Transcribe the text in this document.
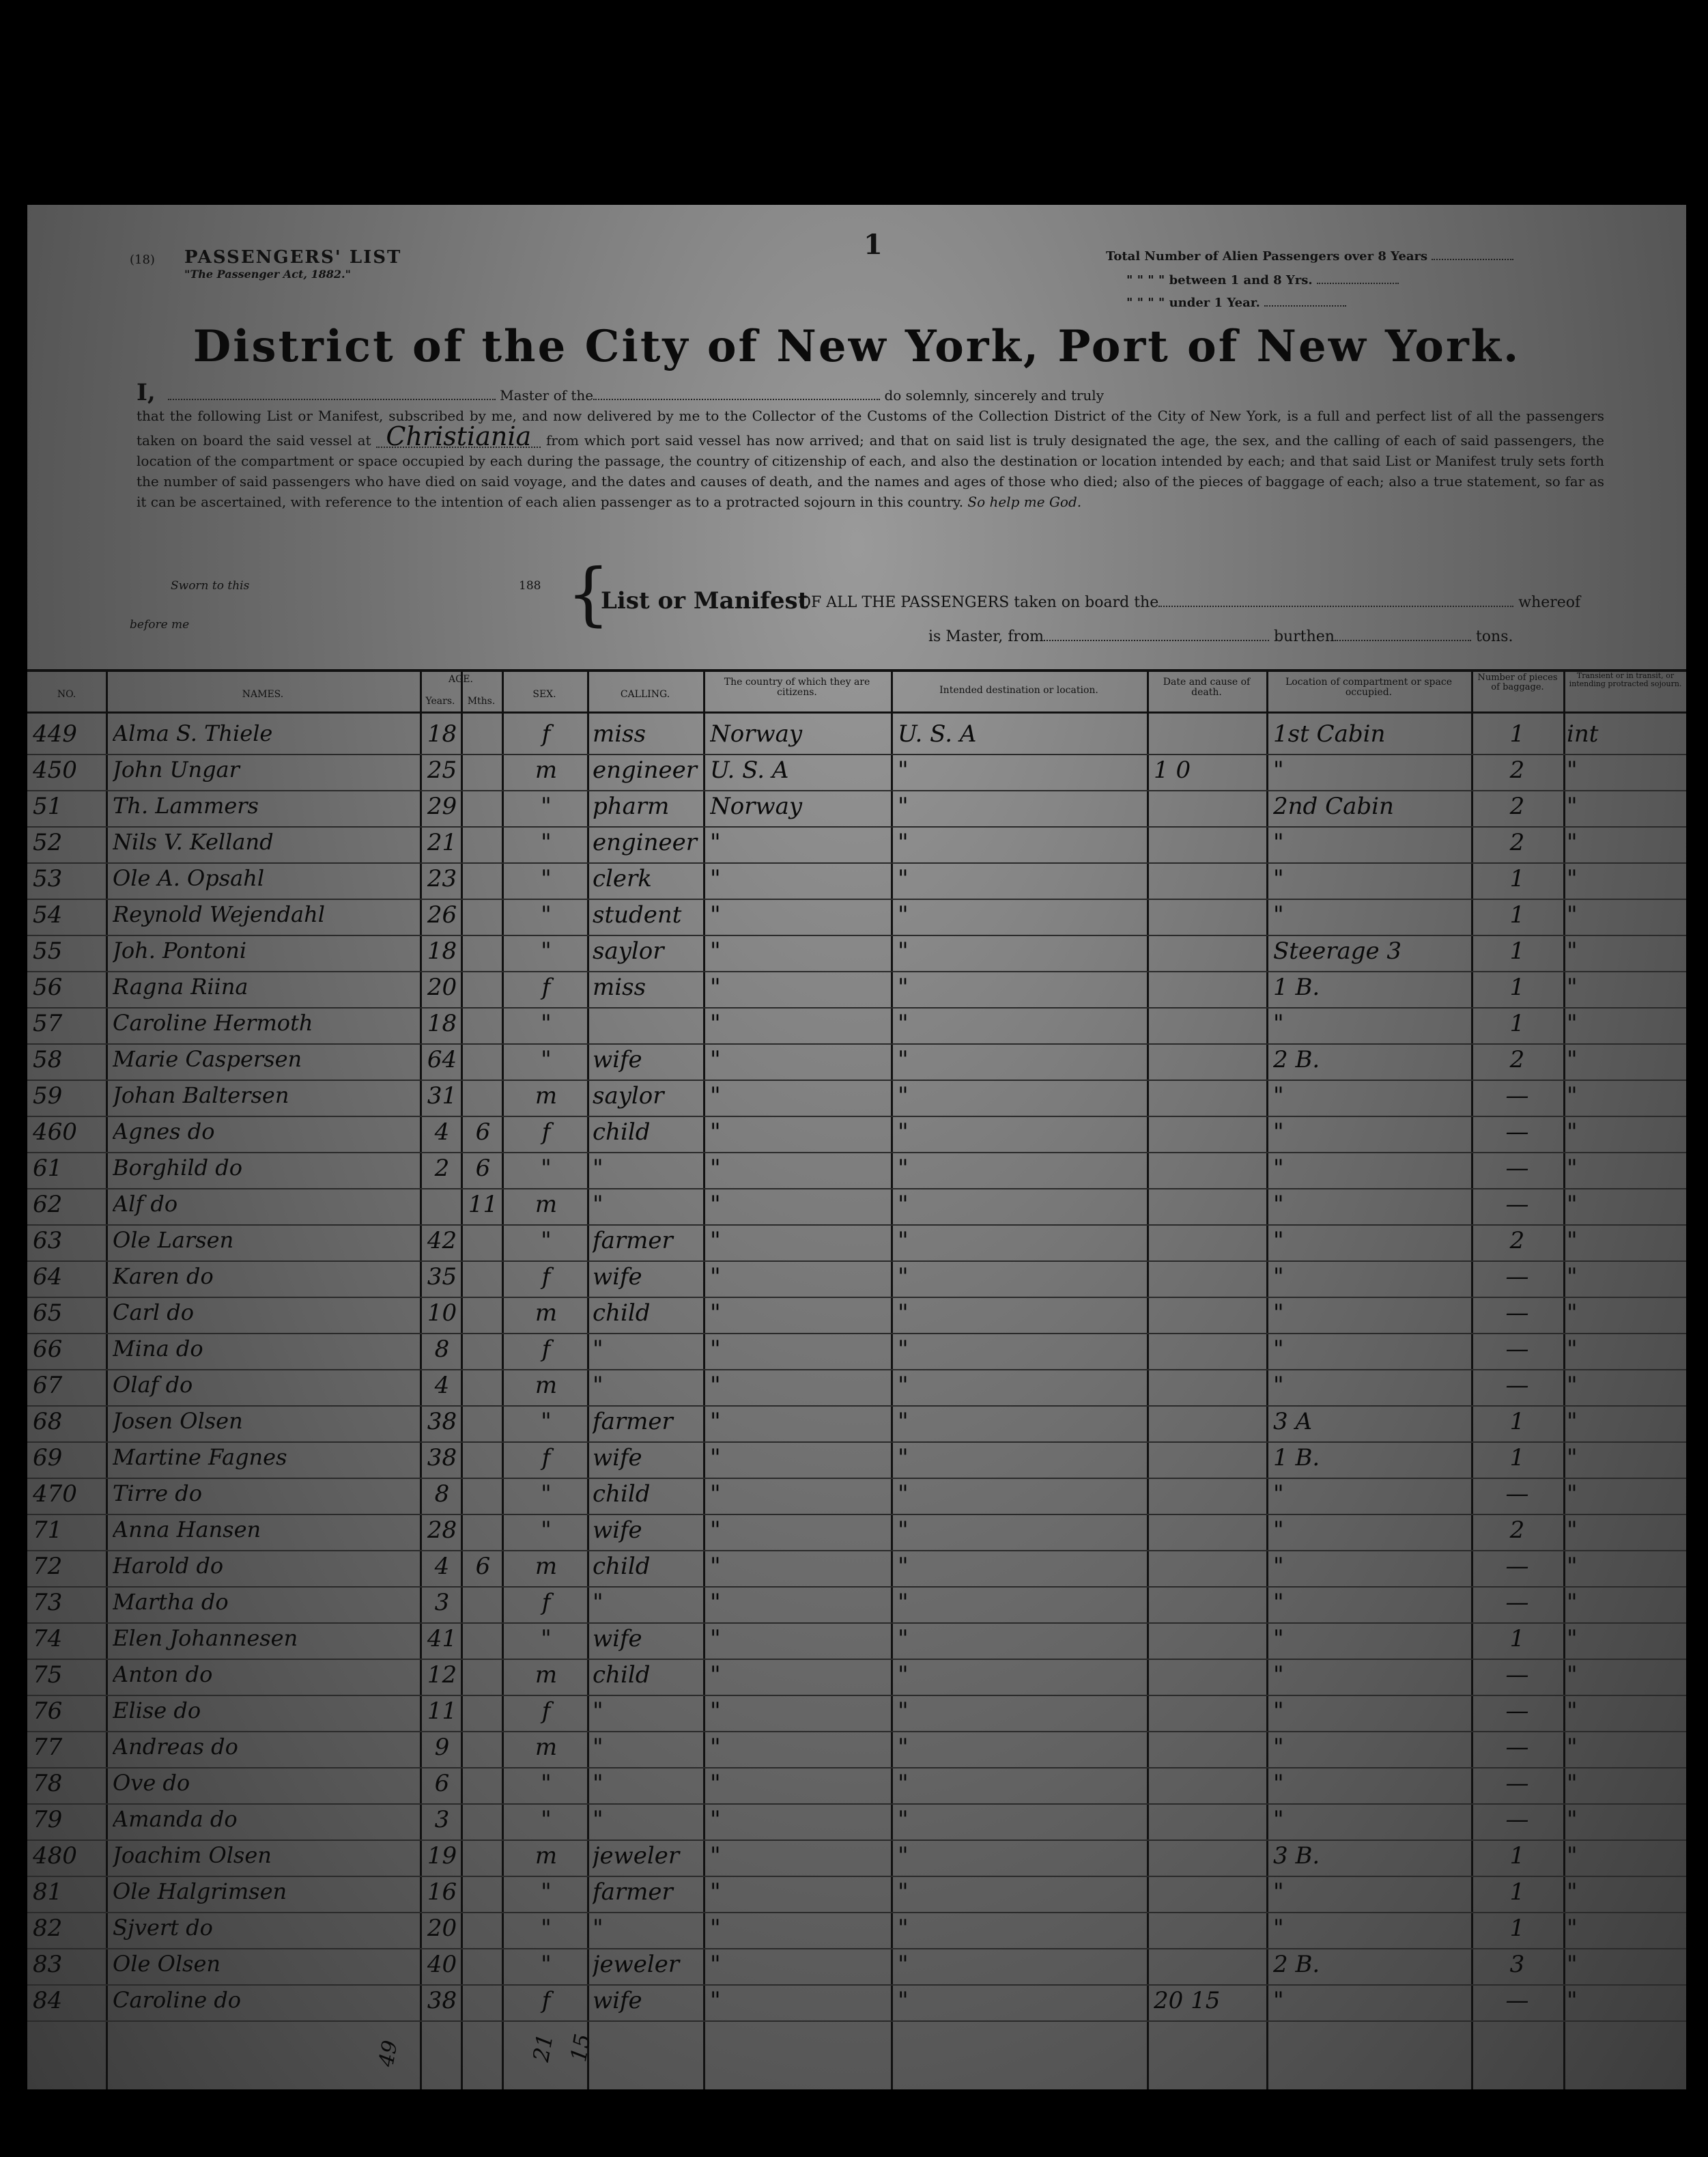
(18) PASSENGERS' LIST
"The Passenger Act, 1882."
1	Total Number of Alien Passengers over 8 Years
" " " " between 1 and 8 Yrs.
" " " " under 1 Year.
District of the City of New York, Port of New York.
I,	Master of the	do solemnly, sincerely and truly
that the following List or Manifest, subscribed by me, and now delivered by me to the Collector of the Customs of the Collection District of the City of New York, is a full and perfect list of all the passengers taken on board the said vessel at Christiania from which port said vessel has now arrived; and that on said list is truly designated the age, the sex, and the calling of each of said passengers, the location of the compartment or space occupied by each during the passage, the country of citizenship of each, and also the destination or location intended by each; and that said List or Manifest truly sets forth the number of said passengers who have died on said voyage, and the dates and causes of death, and the names and ages of those who died; also of the pieces of baggage of each; also a true statement, so far as it can be ascertained, with reference to the intention of each alien passenger as to a protracted sojourn in this country. So help me God.
Sworn to this	188
before me	{
List or Manifest
OF ALL THE PASSENGERS taken on board the	whereof
is Master, from	burthen	tons.
NO.	NAMES.
AGE.
Years.	Mths.
SEX.	CALLING.
The country of which they are citizens.	Intended destination or location.
Date and cause of death.
Location of compartment or space occupied.
Number of pieces of baggage.
Transient or in transit, or intending protracted sojourn.
449	Alma S. Thiele	18	f	miss	Norway	U. S. A	1st Cabin	1	int
450	John Ungar	25	m	engineer U. S. A	"	1 0	"	2	"
51	Th. Lammers	29	"	pharm	Norway	"	2nd Cabin	2	"
52	Nils V. Kelland	21	"	engineer "	"	"	2	"
53	Ole A. Opsahl	23	"	clerk	"	"	"	1	"
54	Reynold Wejendahl	26	"	student	"	"	"	1	"
55	Joh. Pontoni	18	"	saylor	"	"	Steerage 3	1	"
56	Ragna Riina	20	f	miss	"	"	1 B.	1	"
57	Caroline Hermoth	18	"	"	"	"	1	"
58	Marie Caspersen	64	"	wife	"	"	2 B.	2	"
59	Johan Baltersen	31	m	saylor	"	"	"	—	"
460	Agnes do	4	6	f	child	"	"	"	—	"
61	Borghild do	2	6	"	"	"	"	"	—	"
62	Alf do	11	m	"	"	"	"	—	"
63	Ole Larsen	42	"	farmer	"	"	"	2	"
64	Karen do	35	f	wife	"	"	"	—	"
65	Carl do	10	m	child	"	"	"	—	"
66	Mina do	8	f	"	"	"	"	—	"
67	Olaf do	4	m	"	"	"	"	—	"
68	Josen Olsen	38	"	farmer	"	"	3 A	1	"
69	Martine Fagnes	38	f	wife	"	"	1 B.	1	"
470	Tirre do	8	"	child	"	"	"	—	"
71	Anna Hansen	28	"	wife	"	"	"	2	"
72	Harold do	4	6	m	child	"	"	"	—	"
73	Martha do	3	f	"	"	"	"	—	"
74	Elen Johannesen	41	"	wife	"	"	"	1	"
75	Anton do	12	m	child	"	"	"	—	"
76	Elise do	11	f	"	"	"	"	—	"
77	Andreas do	9	m	"	"	"	"	—	"
78	Ove do	6	"	"	"	"	"	—	"
79	Amanda do	3	"	"	"	"	"	—	"
480	Joachim Olsen	19	m	jeweler	"	"	3 B.	1	"
81	Ole Halgrimsen	16	"	farmer	"	"	"	1	"
82	Sjvert do	20	"	"	"	"	"	1	"
83	Ole Olsen	40	"	jeweler	"	"	2 B.	3	"
84	Caroline do	38	f	wife	"	"	20 15	"	—	"
49	21 15
